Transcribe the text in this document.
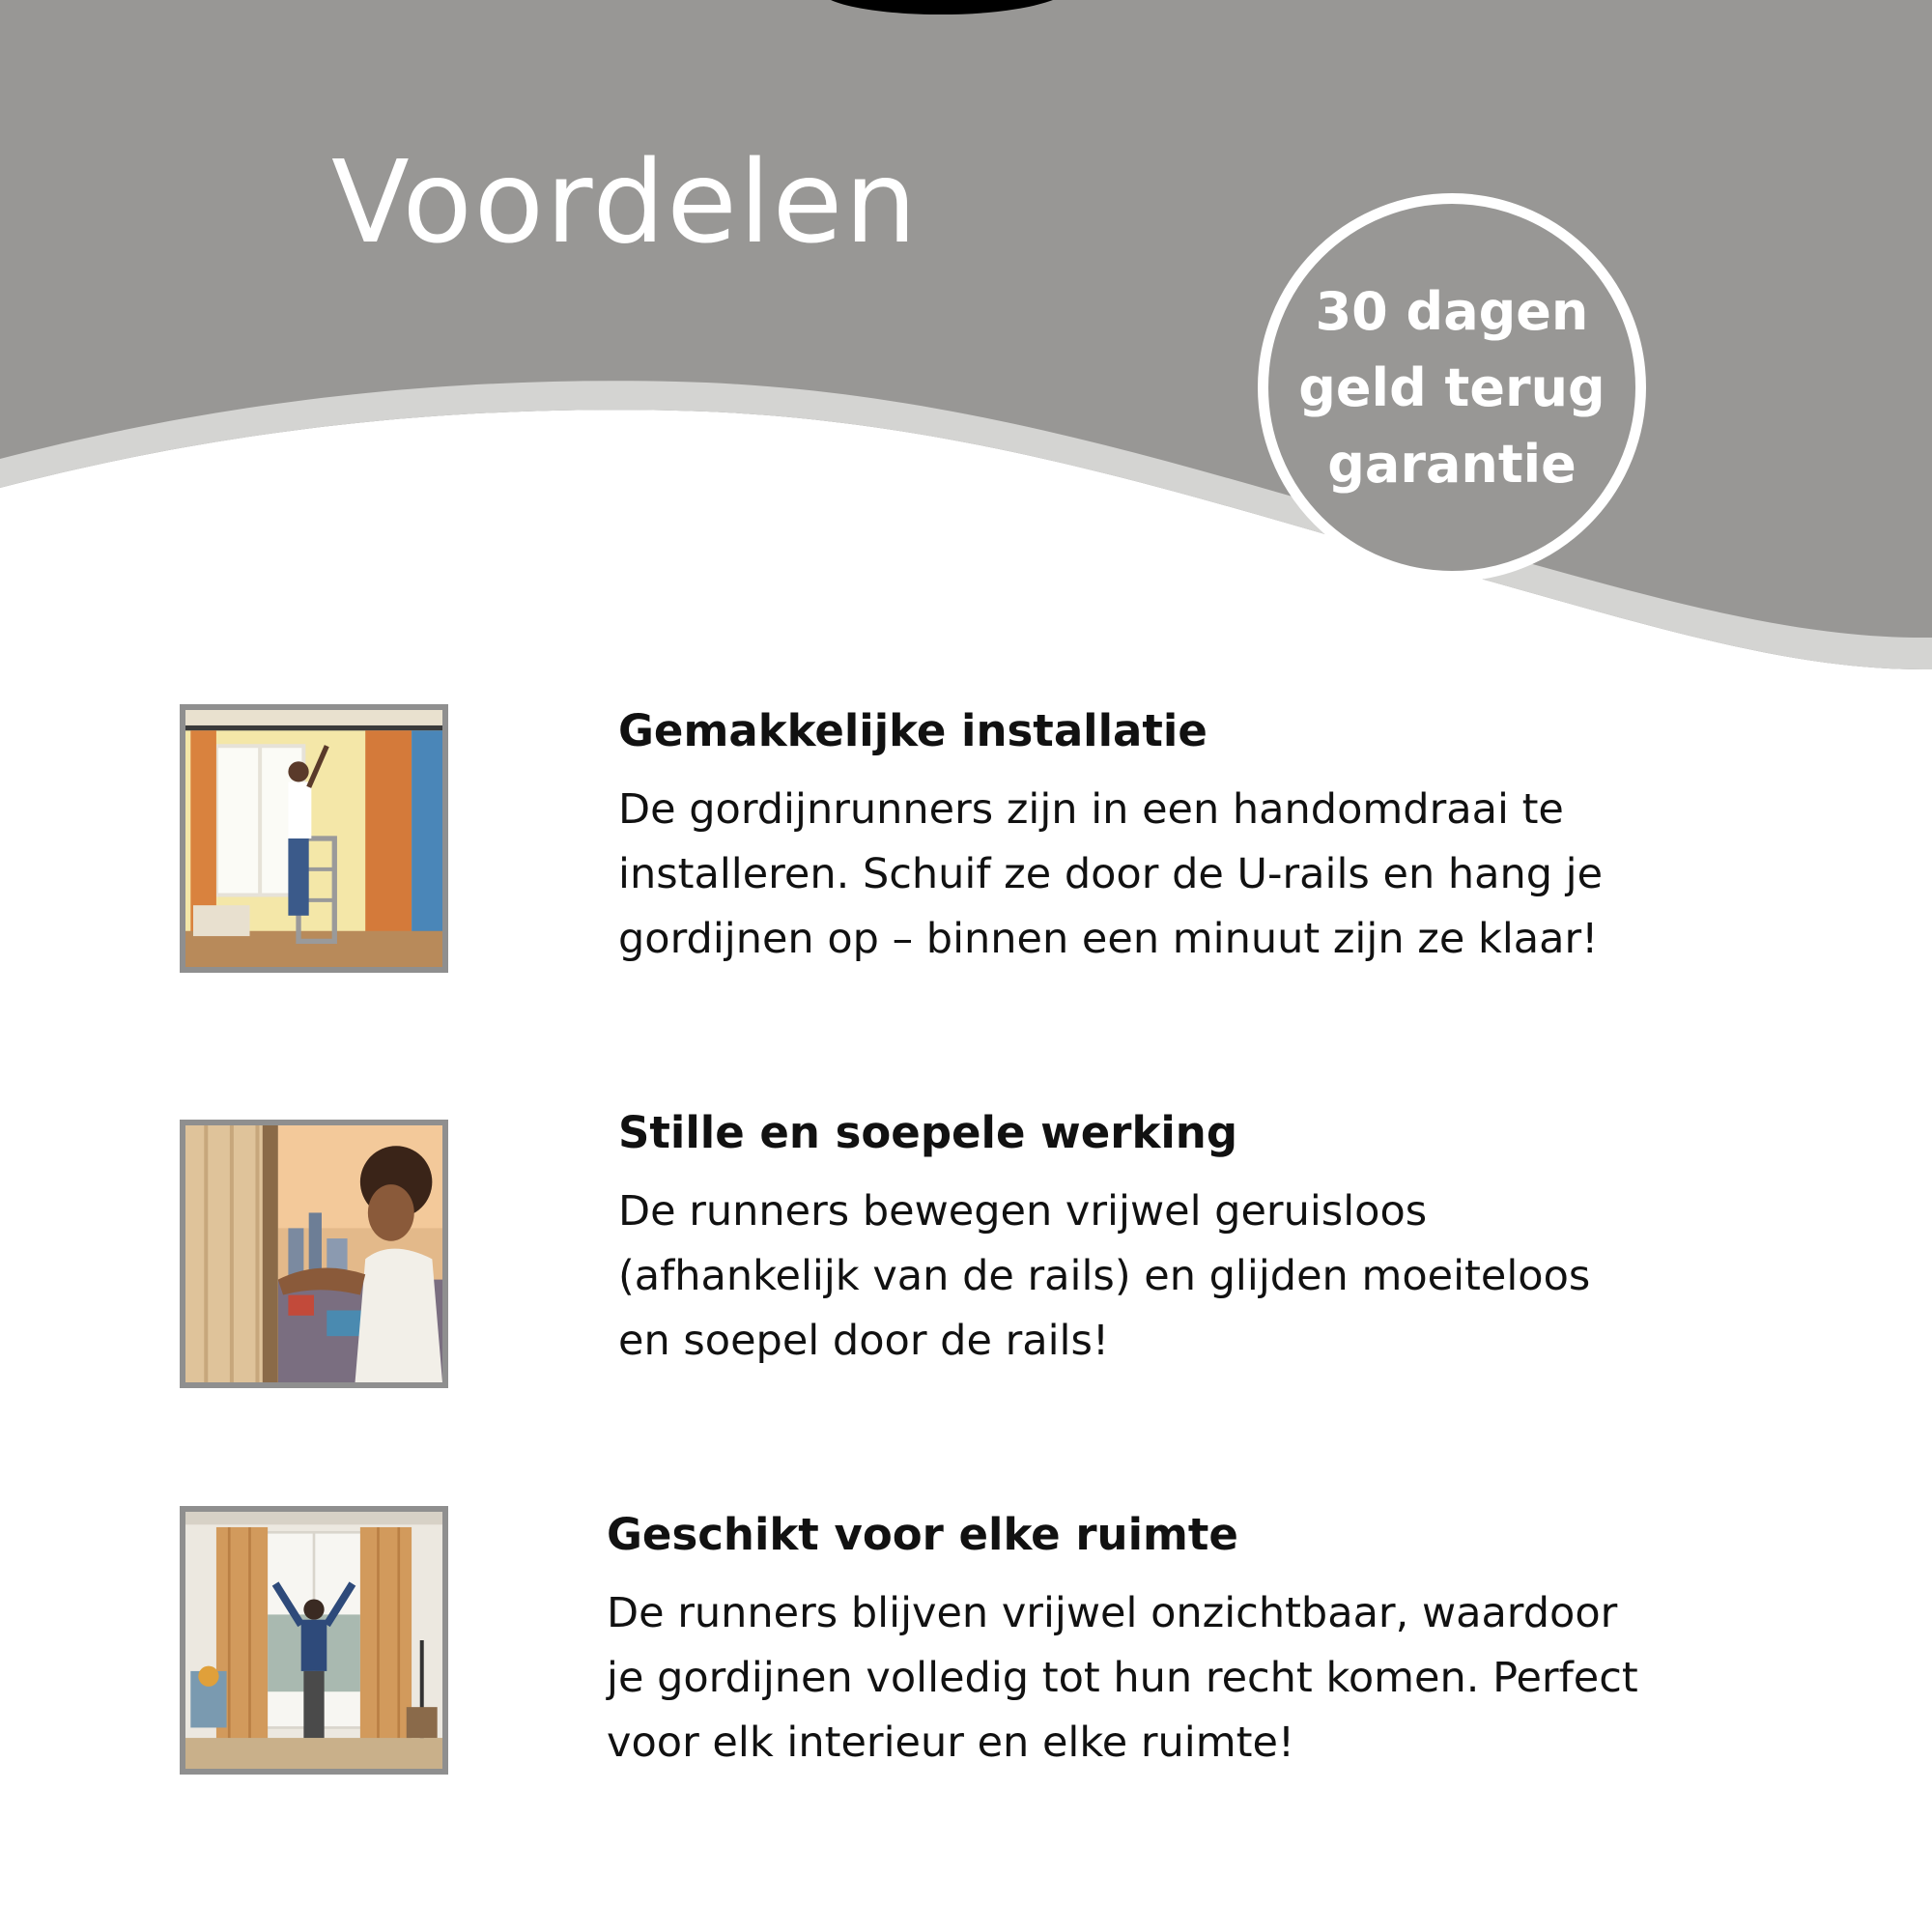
Voordelen
30 dagen
geld terug
garantie
Gemakkelijke installatie
De gordijnrunners zijn in een handomdraai te
installeren. Schuif ze door de U-rails en hang je
gordijnen op – binnen een minuut zijn ze klaar!
Stille en soepele werking
De runners bewegen vrijwel geruisloos
(afhankelijk van de rails) en glijden moeiteloos
en soepel door de rails!
Geschikt voor elke ruimte
De runners blijven vrijwel onzichtbaar, waardoor
je gordijnen volledig tot hun recht komen. Perfect
voor elk interieur en elke ruimte!
